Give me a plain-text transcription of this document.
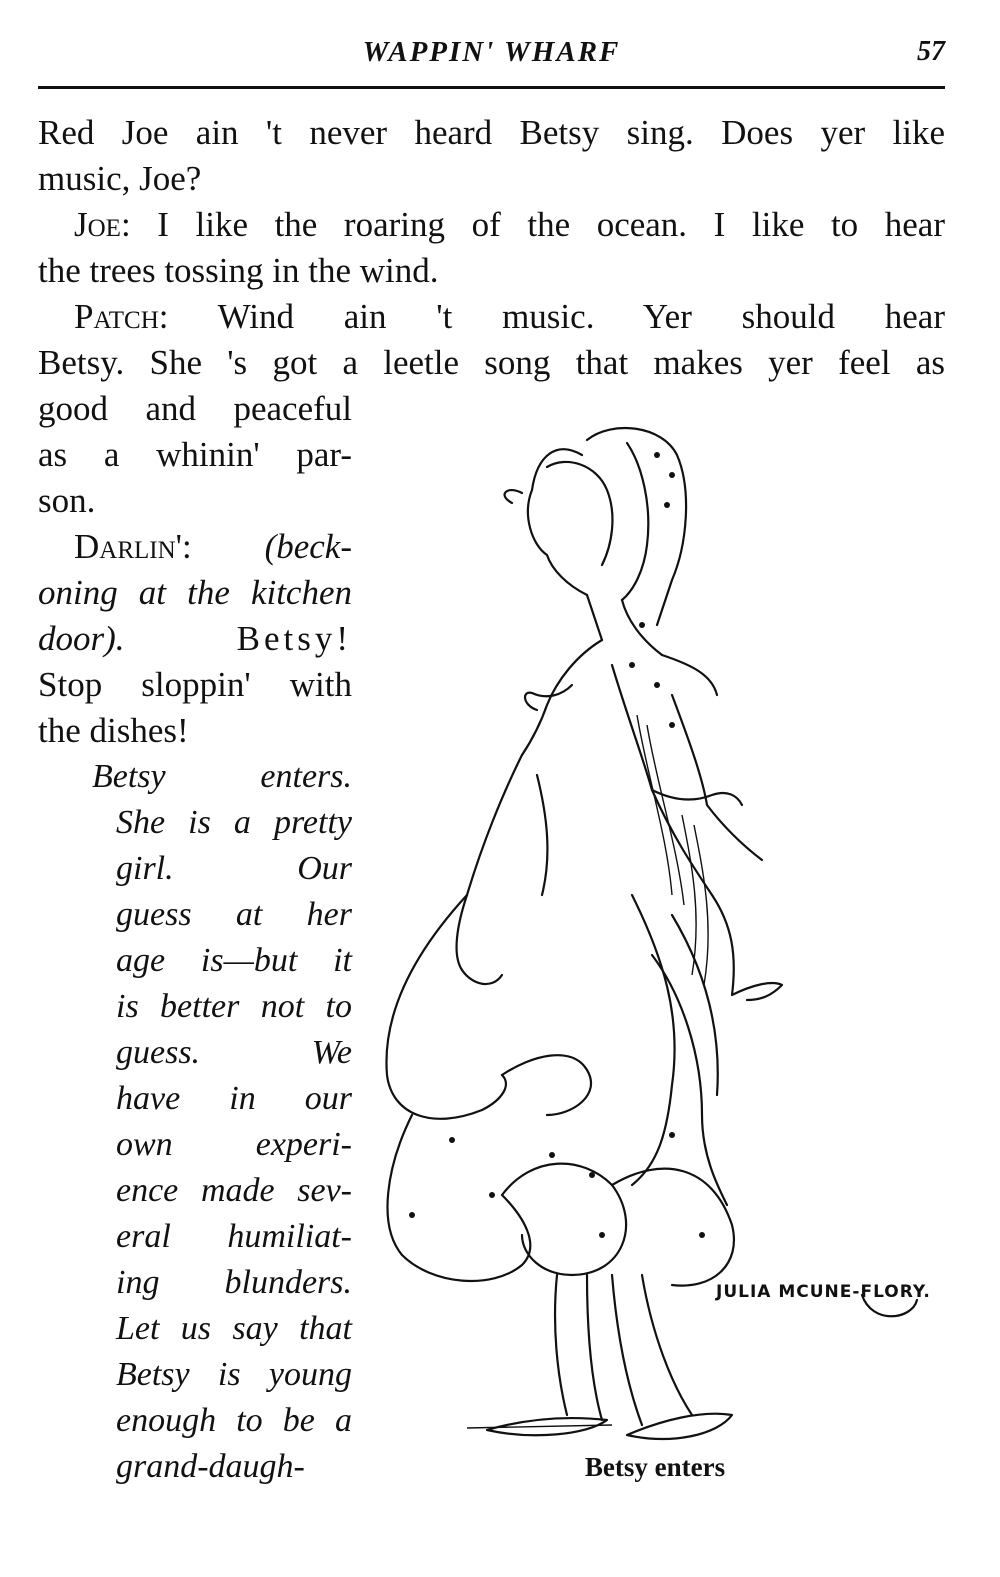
WAPPIN' WHARF	57
Red Joe ain 't never heard Betsy sing. Does yer like
music, Joe?
Joe: I like the roaring of the ocean. I like to hear
the trees tossing in the wind.
Patch: Wind ain 't music. Yer should hear
Betsy. She 's got a leetle song that makes yer feel as

good and peaceful

as a whinin' par-

son.

Darlin': (beck-

oning at the kitchen

door).	Betsy!

Stop sloppin' with

the dishes!

Betsy enters.

She is a pretty

girl. Our

guess at her

age is—but it

is better not to

guess. We

have in our

own experi-

ence made sev-

eral humiliat-

ing blunders.

Let us say that

Betsy is young

enough to be a

grand-daugh-

JULIA MCUNE-FLORY.
Betsy enters
